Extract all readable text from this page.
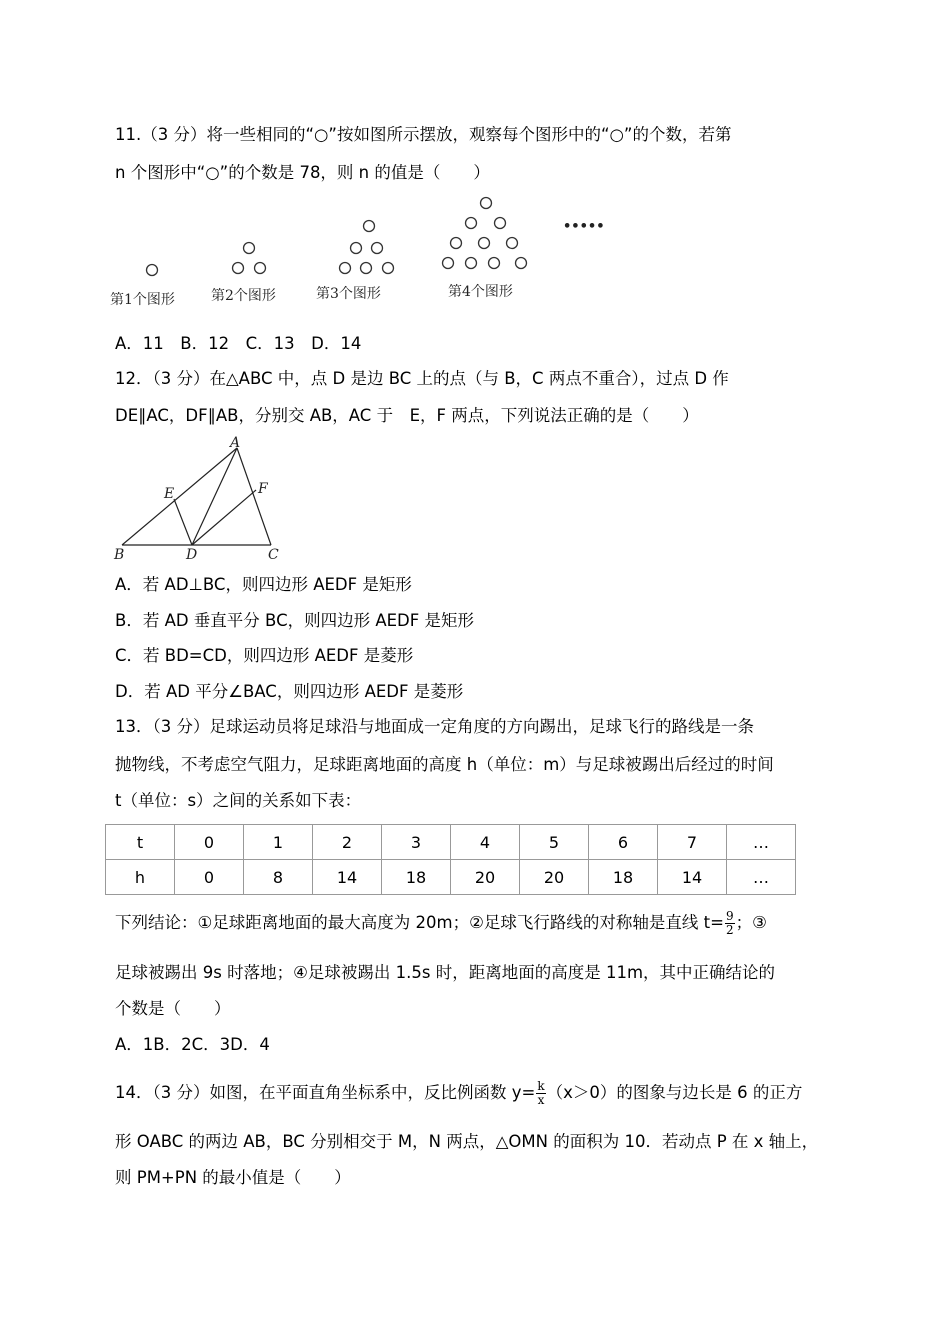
11.（3 分）将一些相同的“○”按如图所示摆放，观察每个图形中的“○”的个数，若第
n 个图形中“○”的个数是 78，则 n 的值是（　　）
第1个图形	第2个图形	第3个图形	第4个图形
•••••
A．11　B．12　C．13　D．14
12．（3 分）在△ABC 中，点 D 是边 BC 上的点（与 B，C 两点不重合），过点 D 作
DE∥AC，DF∥AB，分别交 AB，AC 于　E，F 两点，下列说法正确的是（　　）
A
B	C
D
E	F
A．若 AD⊥BC，则四边形 AEDF 是矩形
B．若 AD 垂直平分 BC，则四边形 AEDF 是矩形
C．若 BD=CD，则四边形 AEDF 是菱形
D．若 AD 平分∠BAC，则四边形 AEDF 是菱形
13．（3 分）足球运动员将足球沿与地面成一定角度的方向踢出，足球飞行的路线是一条
抛物线，不考虑空气阻力，足球距离地面的高度 h（单位：m）与足球被踢出后经过的时间
t（单位：s）之间的关系如下表：
t	0	1	2	3	4	5	6	7	…
h	0	8	14	18	20	20	18	14	…
下列结论：①足球距离地面的最大高度为 20m；②足球飞行路线的对称轴是直线 $t= \frac{9}{2}$ ；③
足球被踢出 9s 时落地；④足球被踢出 1.5s 时，距离地面的高度是 11m，其中正确结论的
个数是（　　）
A．1B．2C．3D．4
14．（3 分）如图，在平面直角坐标系中，反比例函数 $y= \frac{k}{x} (x>0)$的图象与边长是 6 的正方
形 OABC 的两边 AB，BC 分别相交于 M，N 两点，△OMN 的面积为 10．若动点 P 在 x 轴上，
则 PM+PN 的最小值是（　　）
